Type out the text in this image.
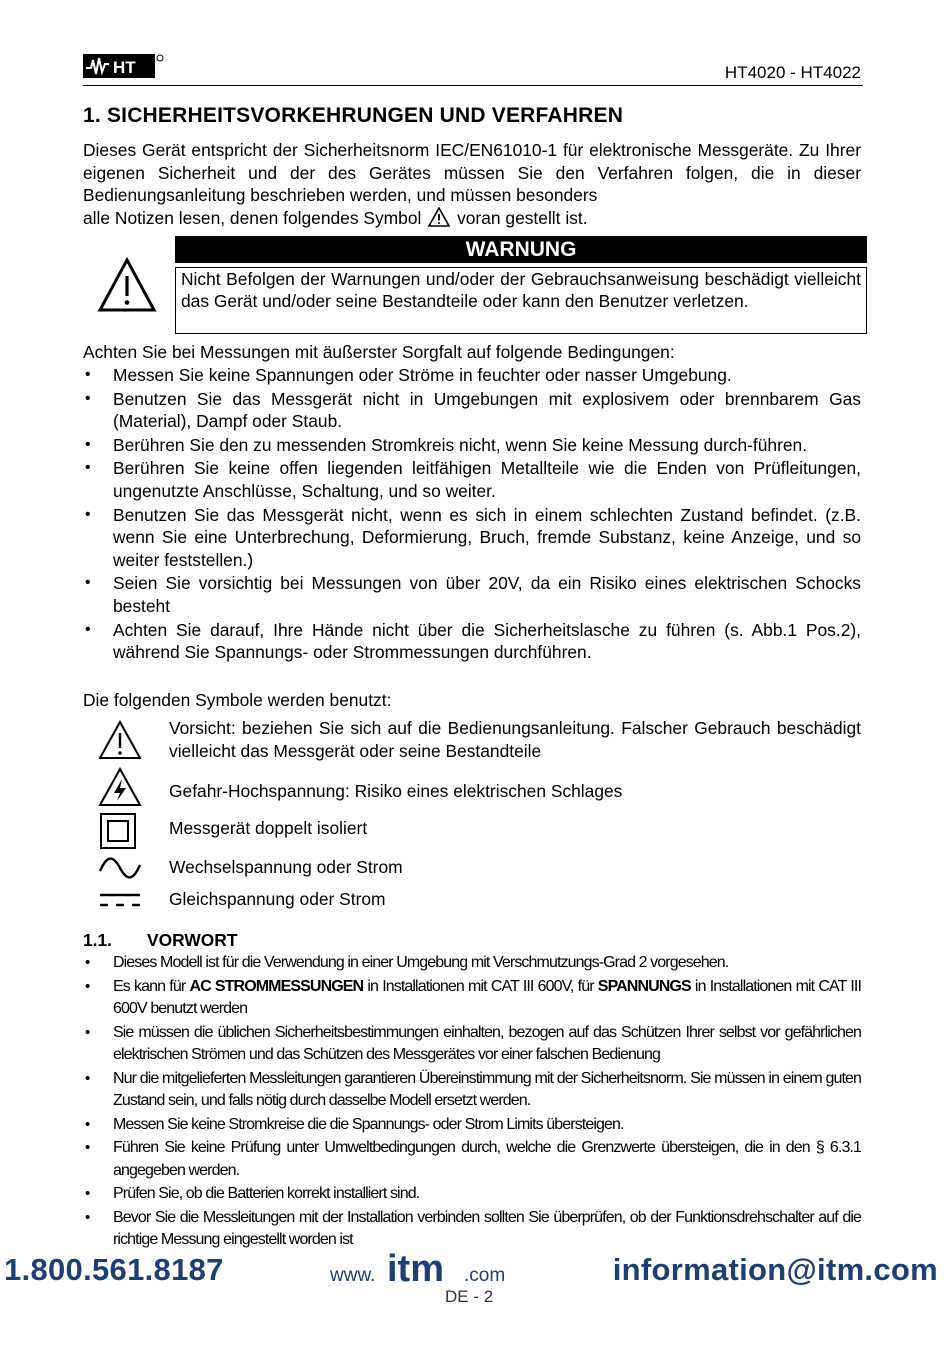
HT	HT4020 - HT4022
1. SICHERHEITSVORKEHRUNGEN UND VERFAHREN
Dieses Gerät entspricht der Sicherheitsnorm IEC/EN61010-1 für elektronische Messgeräte. Zu Ihrer eigenen Sicherheit und der des Gerätes müssen Sie den Verfahren folgen, die in dieser Bedienungsanleitung beschrieben werden, und müssen besonders
alle Notizen lesen, denen folgendes Symbol voran gestellt ist.
WARNUNG
Nicht Befolgen der Warnungen und/oder der Gebrauchsanweisung beschädigt vielleicht das Gerät und/oder seine Bestandteile oder kann den Benutzer verletzen.
Achten Sie bei Messungen mit äußerster Sorgfalt auf folgende Bedingungen:
• Messen Sie keine Spannungen oder Ströme in feuchter oder nasser Umgebung.
• Benutzen Sie das Messgerät nicht in Umgebungen mit explosivem oder brennbarem Gas (Material), Dampf oder Staub.
• Berühren Sie den zu messenden Stromkreis nicht, wenn Sie keine Messung durch-führen.
• Berühren Sie keine offen liegenden leitfähigen Metallteile wie die Enden von Prüfleitungen, ungenutzte Anschlüsse, Schaltung, und so weiter.
• Benutzen Sie das Messgerät nicht, wenn es sich in einem schlechten Zustand befindet. (z.B. wenn Sie eine Unterbrechung, Deformierung, Bruch, fremde Substanz, keine Anzeige, und so weiter feststellen.)
• Seien Sie vorsichtig bei Messungen von über 20V, da ein Risiko eines elektrischen Schocks besteht
• Achten Sie darauf, Ihre Hände nicht über die Sicherheitslasche zu führen (s. Abb.1 Pos.2), während Sie Spannungs- oder Strommessungen durchführen.
Die folgenden Symbole werden benutzt:
Vorsicht: beziehen Sie sich auf die Bedienungsanleitung. Falscher Gebrauch beschädigt vielleicht das Messgerät oder seine Bestandteile
Gefahr-Hochspannung: Risiko eines elektrischen Schlages
Messgerät doppelt isoliert
Wechselspannung oder Strom
Gleichspannung oder Strom
1.1. VORWORT
• Dieses Modell ist für die Verwendung in einer Umgebung mit Verschmutzungs-Grad 2 vorgesehen.
• Es kann für AC STROMMESSUNGEN in Installationen mit CAT III 600V, für SPANNUNGS in Installationen mit CAT III 600V benutzt werden
• Sie müssen die üblichen Sicherheitsbestimmungen einhalten, bezogen auf das Schützen Ihrer selbst vor gefährlichen elektrischen Strömen und das Schützen des Messgerätes vor einer falschen Bedienung
• Nur die mitgelieferten Messleitungen garantieren Übereinstimmung mit der Sicherheitsnorm. Sie müssen in einem guten Zustand sein, und falls nötig durch dasselbe Modell ersetzt werden.
• Messen Sie keine Stromkreise die die Spannungs- oder Strom Limits übersteigen.
• Führen Sie keine Prüfung unter Umweltbedingungen durch, welche die Grenzwerte übersteigen, die in den § 6.3.1 angegeben werden.
• Prüfen Sie, ob die Batterien korrekt installiert sind.
• Bevor Sie die Messleitungen mit der Installation verbinden sollten Sie überprüfen, ob der Funktionsdrehschalter auf die richtige Messung eingestellt worden ist
1.800.561.8187	www. itm .com	information@itm.com
DE - 2
